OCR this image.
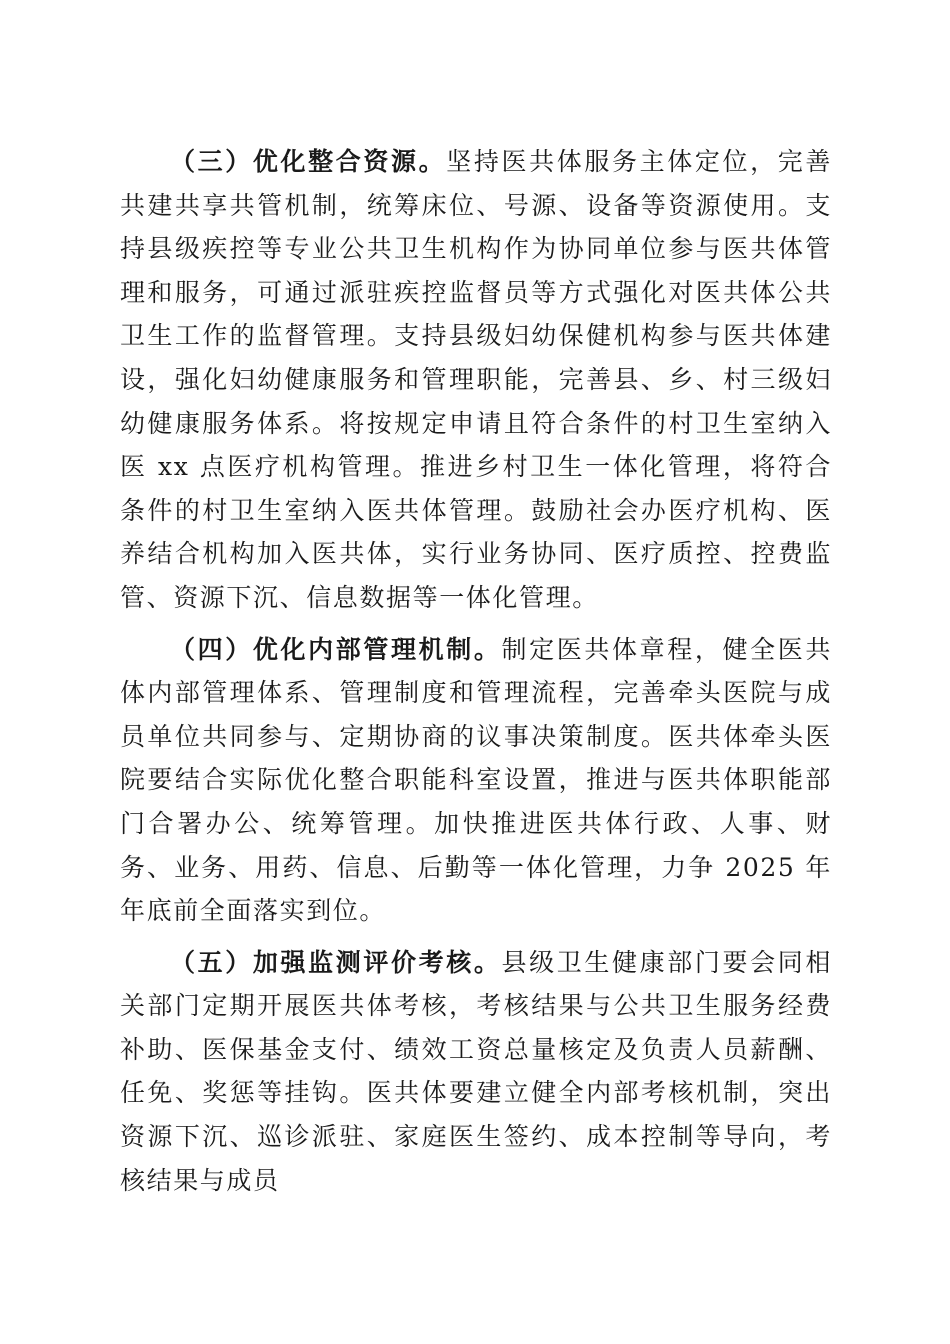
（三）优化整合资源。坚持医共体服务主体定位，完善共建共享共管机制，统筹床位、号源、设备等资源使用。支持县级疾控等专业公共卫生机构作为协同单位参与医共体管理和服务，可通过派驻疾控监督员等方式强化对医共体公共卫生工作的监督管理。支持县级妇幼保健机构参与医共体建设，强化妇幼健康服务和管理职能，完善县、乡、村三级妇幼健康服务体系。将按规定申请且符合条件的村卫生室纳入医 xx 点医疗机构管理。推进乡村卫生一体化管理，将符合条件的村卫生室纳入医共体管理。鼓励社会办医疗机构、医养结合机构加入医共体，实行业务协同、医疗质控、控费监管、资源下沉、信息数据等一体化管理。

（四）优化内部管理机制。制定医共体章程，健全医共体内部管理体系、管理制度和管理流程，完善牵头医院与成员单位共同参与、定期协商的议事决策制度。医共体牵头医院要结合实际优化整合职能科室设置，推进与医共体职能部门合署办公、统筹管理。加快推进医共体行政、人事、财务、业务、用药、信息、后勤等一体化管理，力争 2025 年年底前全面落实到位。

（五）加强监测评价考核。县级卫生健康部门要会同相关部门定期开展医共体考核，考核结果与公共卫生服务经费补助、医保基金支付、绩效工资总量核定及负责人员薪酬、任免、奖惩等挂钩。医共体要建立健全内部考核机制，突出资源下沉、巡诊派驻、家庭医生签约、成本控制等导向，考核结果与成员
